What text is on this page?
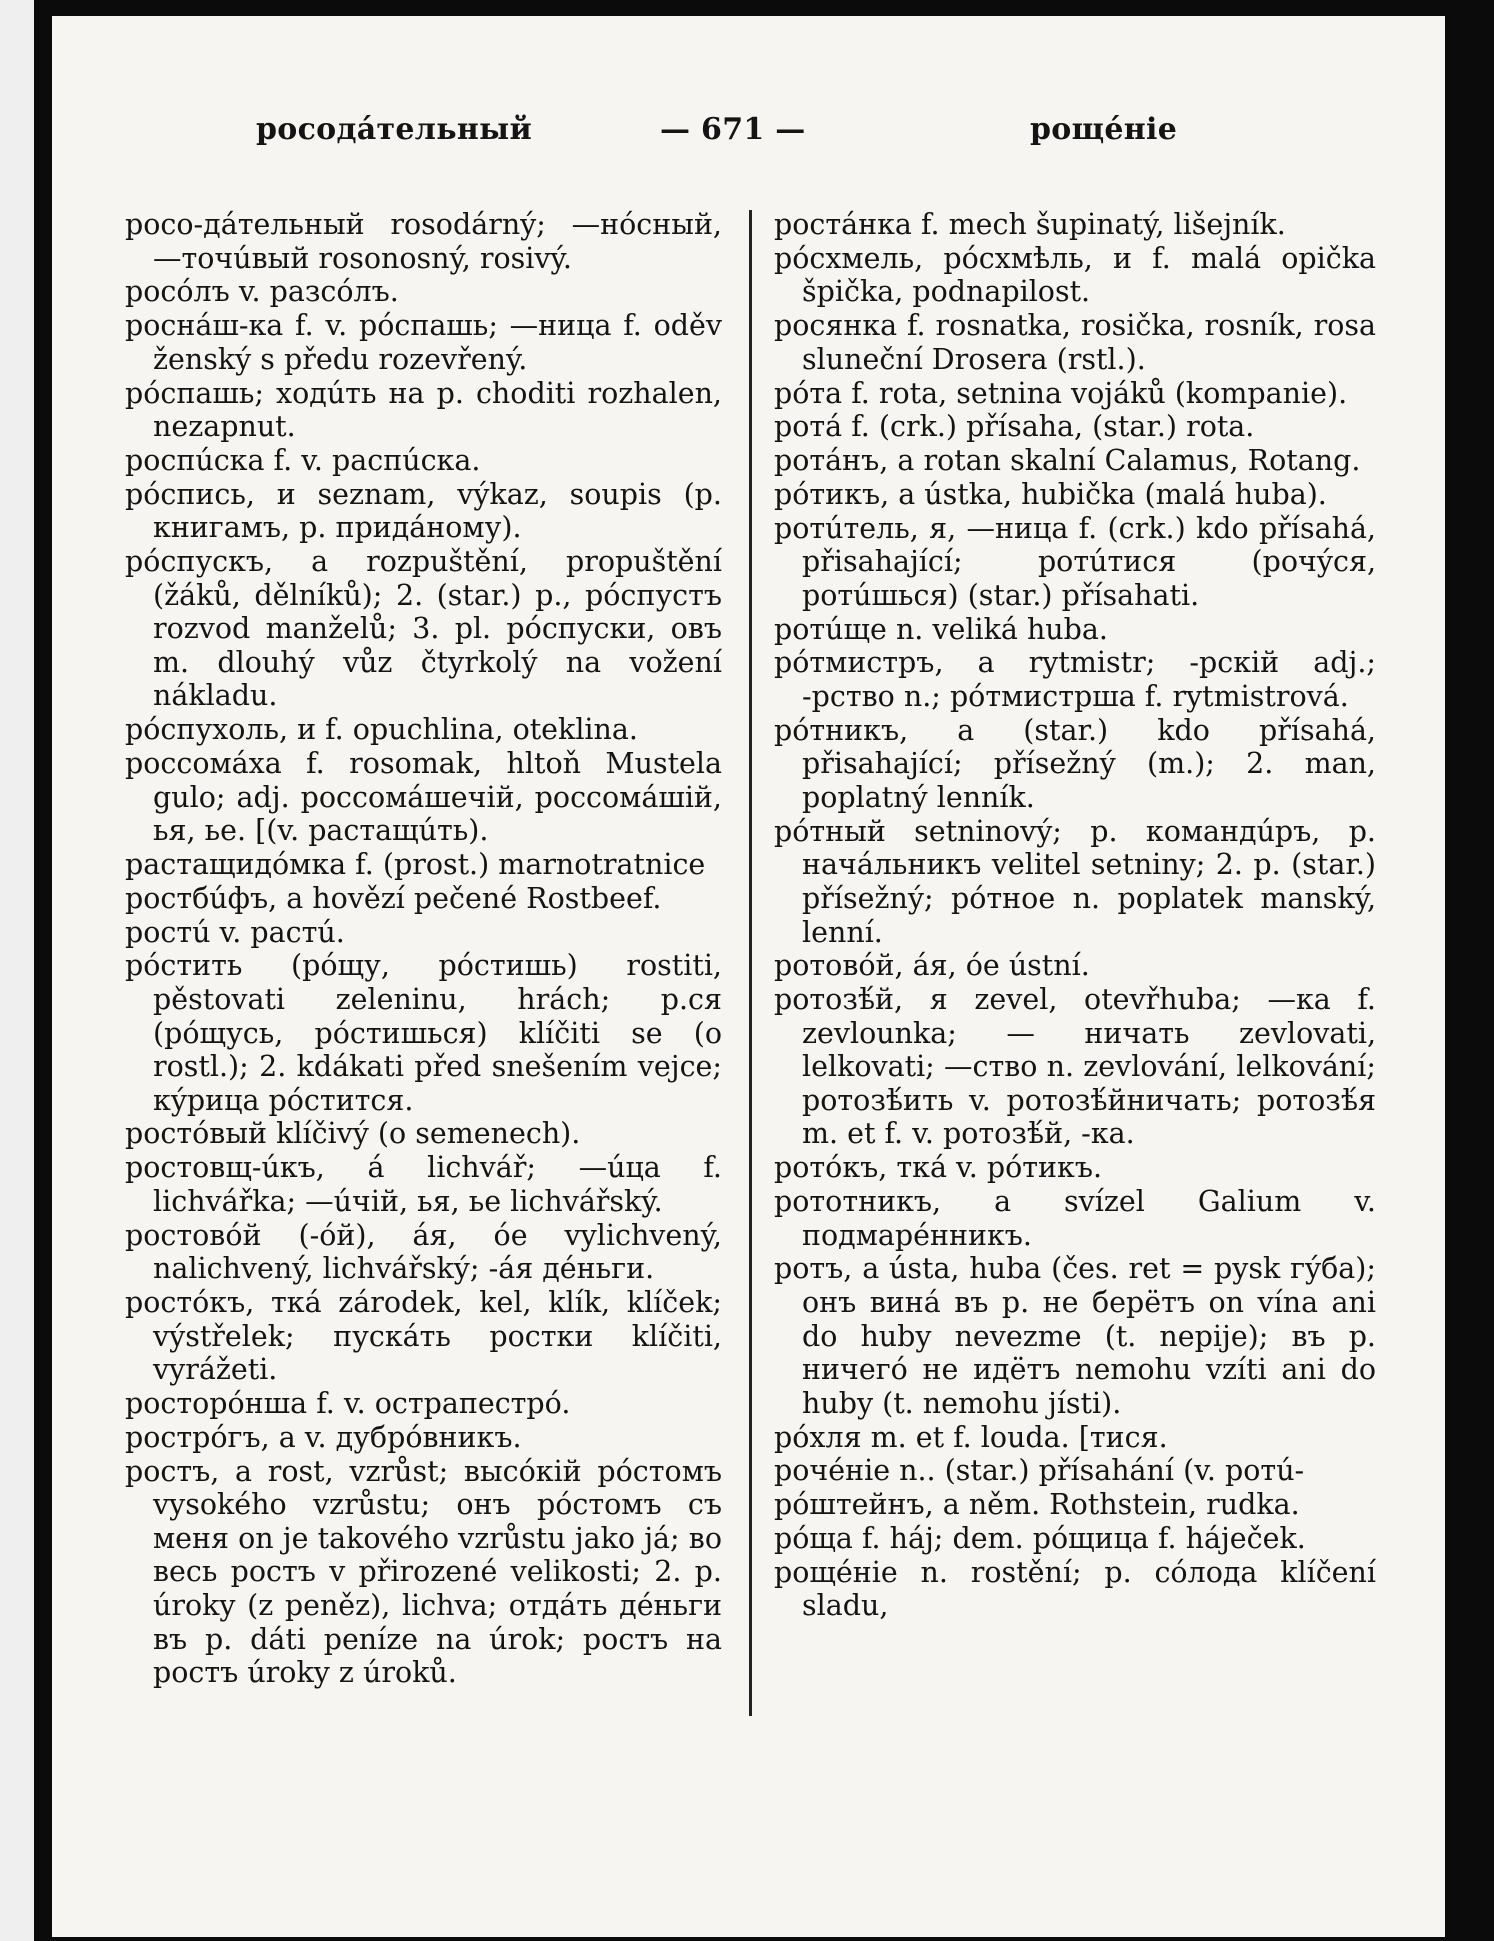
росодáтельный	— 671 —	рощéніе

росо-дáтельный rosodárný; —нóсный, —точúвый rosonosný, rosivý.

росóлъ v. разсóлъ.

роснáш-ка f. v. рóспашь; —ница f. oděv ženský s předu rozevřený.

рóспашь; ходúть на р. choditi rozhalen, nezapnut.

роспúска f. v. распúска.

рóспись, и seznam, výkaz, soupis (р. книгамъ, р. придáному).

рóспускъ, а rozpuštění, propuštění (žáků, dělníků); 2. (star.) р., рóспустъ rozvod manželů; 3. pl. рóспуски, овъ m. dlouhý vůz čtyrkolý na vožení nákladu.

рóспухоль, и f. opuchlina, oteklina.

россомáха f. rosomak, hltoň Mustela gulo; adj. россомáшечій, россомáшій, ья, ье. [(v. растащúть).

растащидóмка f. (prost.) marnotratnice

ростбúфъ, а hovězí pečené Rostbeef.

ростú v. растú.

рóстить (рóщу, рóстишь) rostiti, pěstovati zeleninu, hrách; р.ся (рóщусь, рóстишься) klíčiti se (o rostl.); 2. kdákati před snešením vejce; кýрица рóстится.

ростóвый klíčivý (o semenech).

ростовщ-úкъ, á lichvář; —úца f. lichvářka; —úчій, ья, ье lichvářský.

ростовóй (-óй), áя, óе vylichvený, nalichvený, lichvářský; -áя дéньги.

ростóкъ, ткá zárodek, kel, klík, klíček; výstřelek; пускáть ростки klíčiti, vyrážeti.

росторóнша f. v. острапестрó.

рострóгъ, а v. дубрóвникъ.

ростъ, а rost, vzrůst; высóкій рóстомъ vysokého vzrůstu; онъ рóстомъ съ меня on je takového vzrůstu jako já; во весь ростъ v přirozené velikosti; 2. р. úroky (z peněz), lichva; отдáть дéньги въ р. dáti peníze na úrok; ростъ на ростъ úroky z úroků.

ростáнка f. mech šupinatý, lišejník.

рóсхмель, рóсхмѣль, и f. malá opička špička, podnapilost.

росянка f. rosnatka, rosička, rosník, rosa sluneční Drosera (rstl.).

рóта f. rota, setnina vojáků (kompanie).

ротá f. (crk.) přísaha, (star.) rota.

ротáнъ, а rotan skalní Calamus, Rotang.

рóтикъ, а ústka, hubička (malá huba).

ротúтель, я, —ница f. (crk.) kdo přísahá, přisahající; ротúтися (рочýся, ротúшься) (star.) přísahati.

ротúще n. veliká huba.

рóтмистръ, а rytmistr; -рскій adj.; -рство n.; рóтмистрша f. rytmistrová.

рóтникъ, а (star.) kdo přísahá, přisahající; přísežný (m.); 2. man, poplatný lenník.

рóтный setninový; р. командúръ, р. начáльникъ velitel setniny; 2. р. (star.) přísežný; рóтное n. poplatek manský, lenní.

ротовóй, áя, óе ústní.

ротозѣ́й, я zevel, otevřhuba; —ка f. zevlounka; — ничать zevlovati, lelkovati; —ство n. zevlování, lelkování; ротозѣ́ить v. ротозѣ́йничать; ротозѣ́я m. et f. v. ротозѣ́й, -ка.

ротóкъ, ткá v. рóтикъ.

рототникъ, а svízel Galium v. подмарéнникъ.

ротъ, а ústa, huba (čes. ret = pysk гýба); онъ винá въ р. не берётъ on vína ani do huby nevezme (t. nepije); въ р. ничегó не идётъ nemohu vzíti ani do huby (t. nemohu jísti).

рóхля m. et f. louda. [тися.

рочéніе n.. (star.) přísahání (v. ротú-

рóштейнъ, а něm. Rothstein, rudka.

рóща f. háj; dem. рóщица f. háječek.

рощéніе n. rostění; р. сóлода klíčení sladu,
